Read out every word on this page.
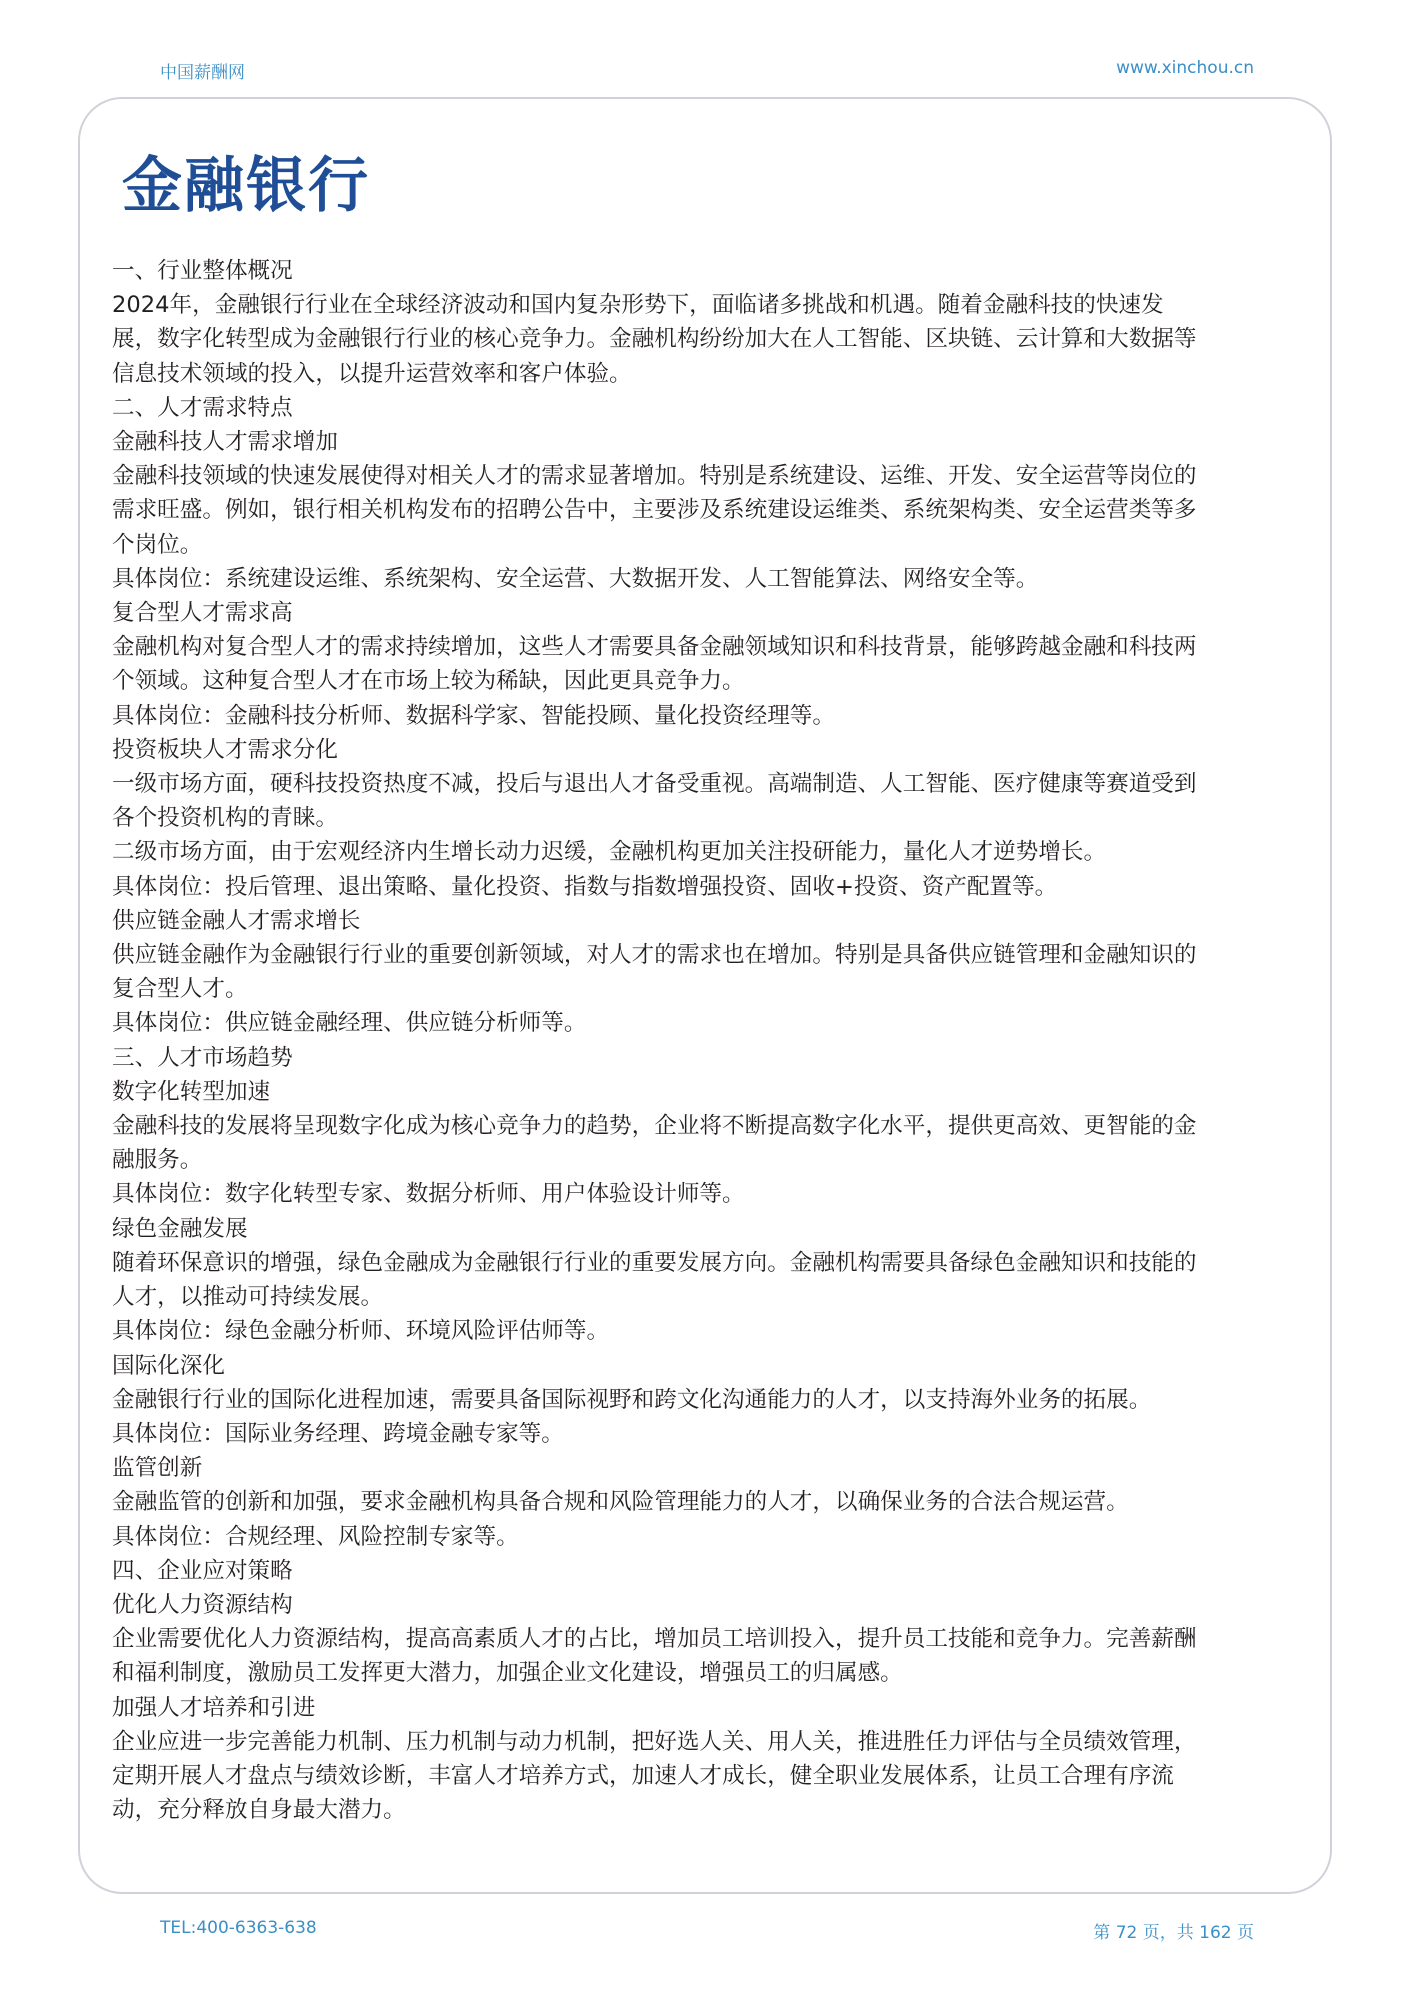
中国薪酬网	www.xinchou.cn
金融银行

一、行业整体概况

2024年，金融银行行业在全球经济波动和国内复杂形势下，面临诸多挑战和机遇。随着金融科技的快速发

展，数字化转型成为金融银行行业的核心竞争力。金融机构纷纷加大在人工智能、区块链、云计算和大数据等

信息技术领域的投入，以提升运营效率和客户体验。

二、人才需求特点

金融科技人才需求增加

金融科技领域的快速发展使得对相关人才的需求显著增加。特别是系统建设、运维、开发、安全运营等岗位的

需求旺盛。例如，银行相关机构发布的招聘公告中，主要涉及系统建设运维类、系统架构类、安全运营类等多

个岗位。

具体岗位：系统建设运维、系统架构、安全运营、大数据开发、人工智能算法、网络安全等。

复合型人才需求高

金融机构对复合型人才的需求持续增加，这些人才需要具备金融领域知识和科技背景，能够跨越金融和科技两

个领域。这种复合型人才在市场上较为稀缺，因此更具竞争力。

具体岗位：金融科技分析师、数据科学家、智能投顾、量化投资经理等。

投资板块人才需求分化

一级市场方面，硬科技投资热度不减，投后与退出人才备受重视。高端制造、人工智能、医疗健康等赛道受到

各个投资机构的青睐。

二级市场方面，由于宏观经济内生增长动力迟缓，金融机构更加关注投研能力，量化人才逆势增长。

具体岗位：投后管理、退出策略、量化投资、指数与指数增强投资、固收+投资、资产配置等。

供应链金融人才需求增长

供应链金融作为金融银行行业的重要创新领域，对人才的需求也在增加。特别是具备供应链管理和金融知识的

复合型人才。

具体岗位：供应链金融经理、供应链分析师等。

三、人才市场趋势

数字化转型加速

金融科技的发展将呈现数字化成为核心竞争力的趋势，企业将不断提高数字化水平，提供更高效、更智能的金

融服务。

具体岗位：数字化转型专家、数据分析师、用户体验设计师等。

绿色金融发展

随着环保意识的增强，绿色金融成为金融银行行业的重要发展方向。金融机构需要具备绿色金融知识和技能的

人才，以推动可持续发展。

具体岗位：绿色金融分析师、环境风险评估师等。

国际化深化

金融银行行业的国际化进程加速，需要具备国际视野和跨文化沟通能力的人才，以支持海外业务的拓展。

具体岗位：国际业务经理、跨境金融专家等。

监管创新

金融监管的创新和加强，要求金融机构具备合规和风险管理能力的人才，以确保业务的合法合规运营。

具体岗位：合规经理、风险控制专家等。

四、企业应对策略

优化人力资源结构

企业需要优化人力资源结构，提高高素质人才的占比，增加员工培训投入，提升员工技能和竞争力。完善薪酬

和福利制度，激励员工发挥更大潜力，加强企业文化建设，增强员工的归属感。

加强人才培养和引进

企业应进一步完善能力机制、压力机制与动力机制，把好选人关、用人关，推进胜任力评估与全员绩效管理，

定期开展人才盘点与绩效诊断，丰富人才培养方式，加速人才成长，健全职业发展体系，让员工合理有序流

动，充分释放自身最大潜力。

TEL:400-6363-638	第 72 页，共 162 页
